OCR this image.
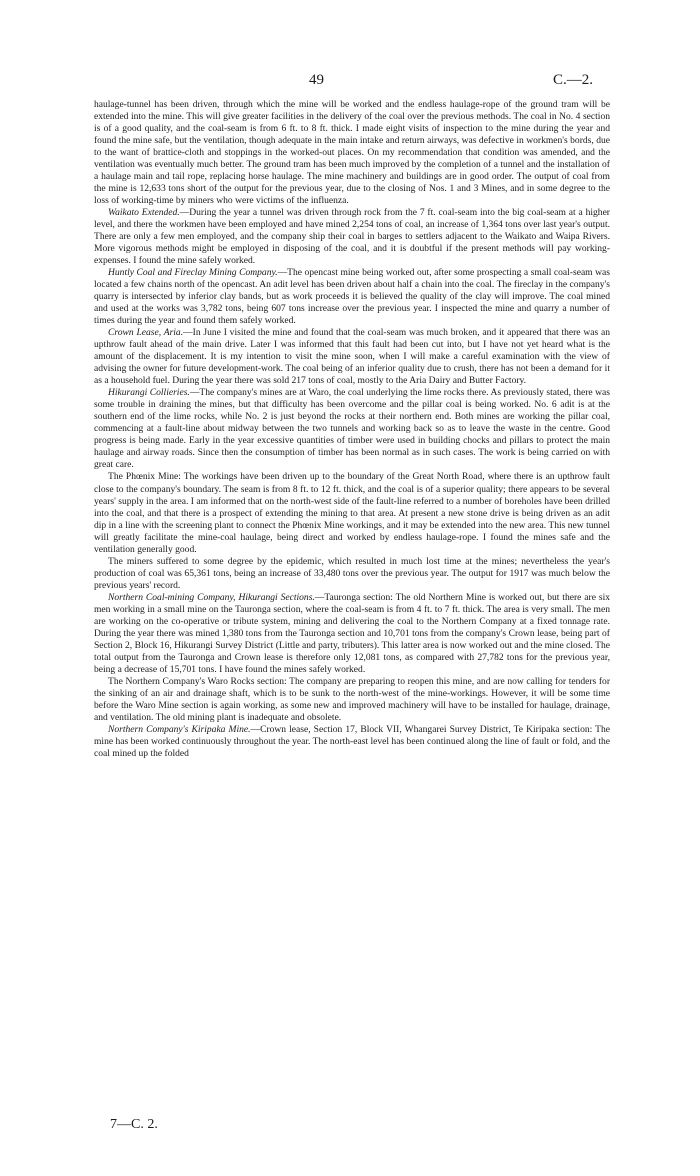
49	C.—2.

haulage-tunnel has been driven, through which the mine will be worked and the endless haulage-rope of the ground tram will be extended into the mine. This will give greater facilities in the delivery of the coal over the previous methods. The coal in No. 4 section is of a good quality, and the coal-seam is from 6 ft. to 8 ft. thick. I made eight visits of inspection to the mine during the year and found the mine safe, but the ventilation, though adequate in the main intake and return airways, was defective in workmen's bords, due to the want of brattice-cloth and stoppings in the worked-out places. On my recommendation that condition was amended, and the ventilation was eventually much better. The ground tram has been much improved by the completion of a tunnel and the installation of a haulage main and tail rope, replacing horse haulage. The mine machinery and buildings are in good order. The output of coal from the mine is 12,633 tons short of the output for the previous year, due to the closing of Nos. 1 and 3 Mines, and in some degree to the loss of working-time by miners who were victims of the influenza.

Waikato Extended.—During the year a tunnel was driven through rock from the 7 ft. coal-seam into the big coal-seam at a higher level, and there the workmen have been employed and have mined 2,254 tons of coal, an increase of 1,364 tons over last year's output. There are only a few men employed, and the company ship their coal in barges to settlers adjacent to the Waikato and Waipa Rivers. More vigorous methods might be employed in disposing of the coal, and it is doubtful if the present methods will pay working-expenses. I found the mine safely worked.

Huntly Coal and Fireclay Mining Company.—The opencast mine being worked out, after some prospecting a small coal-seam was located a few chains north of the opencast. An adit level has been driven about half a chain into the coal. The fireclay in the company's quarry is intersected by inferior clay bands, but as work proceeds it is believed the quality of the clay will improve. The coal mined and used at the works was 3,782 tons, being 607 tons increase over the previous year. I inspected the mine and quarry a number of times during the year and found them safely worked.

Crown Lease, Aria.—In June I visited the mine and found that the coal-seam was much broken, and it appeared that there was an upthrow fault ahead of the main drive. Later I was informed that this fault had been cut into, but I have not yet heard what is the amount of the displacement. It is my intention to visit the mine soon, when I will make a careful examination with the view of advising the owner for future development-work. The coal being of an inferior quality due to crush, there has not been a demand for it as a household fuel. During the year there was sold 217 tons of coal, mostly to the Aria Dairy and Butter Factory.

Hikurangi Collieries.—The company's mines are at Waro, the coal underlying the lime rocks there. As previously stated, there was some trouble in draining the mines, but that difficulty has been overcome and the pillar coal is being worked. No. 6 adit is at the southern end of the lime rocks, while No. 2 is just beyond the rocks at their northern end. Both mines are working the pillar coal, commencing at a fault-line about midway between the two tunnels and working back so as to leave the waste in the centre. Good progress is being made. Early in the year excessive quantities of timber were used in building chocks and pillars to protect the main haulage and airway roads. Since then the consumption of timber has been normal as in such cases. The work is being carried on with great care.

The Phœnix Mine: The workings have been driven up to the boundary of the Great North Road, where there is an upthrow fault close to the company's boundary. The seam is from 8 ft. to 12 ft. thick, and the coal is of a superior quality; there appears to be several years' supply in the area. I am informed that on the north-west side of the fault-line referred to a number of boreholes have been drilled into the coal, and that there is a prospect of extending the mining to that area. At present a new stone drive is being driven as an adit dip in a line with the screening plant to connect the Phœnix Mine workings, and it may be extended into the new area. This new tunnel will greatly facilitate the mine-coal haulage, being direct and worked by endless haulage-rope. I found the mines safe and the ventilation generally good.

The miners suffered to some degree by the epidemic, which resulted in much lost time at the mines; nevertheless the year's production of coal was 65,361 tons, being an increase of 33,480 tons over the previous year. The output for 1917 was much below the previous years' record.

Northern Coal-mining Company, Hikurangi Sections.—Tauronga section: The old Northern Mine is worked out, but there are six men working in a small mine on the Tauronga section, where the coal-seam is from 4 ft. to 7 ft. thick. The area is very small. The men are working on the co-operative or tribute system, mining and delivering the coal to the Northern Company at a fixed tonnage rate. During the year there was mined 1,380 tons from the Tauronga section and 10,701 tons from the company's Crown lease, being part of Section 2, Block 16, Hikurangi Survey District (Little and party, tributers). This latter area is now worked out and the mine closed. The total output from the Tauronga and Crown lease is therefore only 12,081 tons, as compared with 27,782 tons for the previous year, being a decrease of 15,701 tons. I have found the mines safely worked.

The Northern Company's Waro Rocks section: The company are preparing to reopen this mine, and are now calling for tenders for the sinking of an air and drainage shaft, which is to be sunk to the north-west of the mine-workings. However, it will be some time before the Waro Mine section is again working, as some new and improved machinery will have to be installed for haulage, drainage, and ventilation. The old mining plant is inadequate and obsolete.

Northern Company's Kiripaka Mine.—Crown lease, Section 17, Block VII, Whangarei Survey District, Te Kiripaka section: The mine has been worked continuously throughout the year. The north-east level has been continued along the line of fault or fold, and the coal mined up the folded

7—C. 2.
